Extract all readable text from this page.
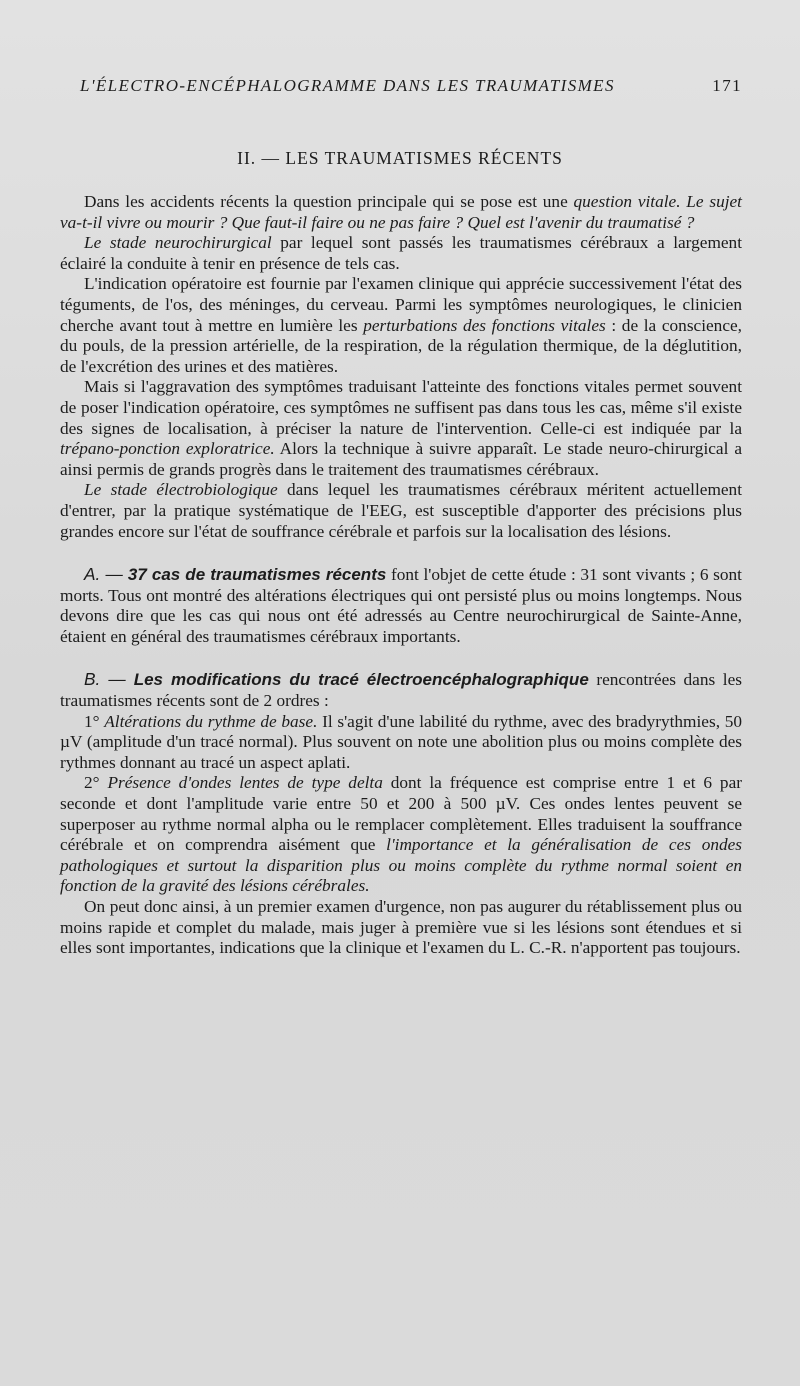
L'ÉLECTRO-ENCÉPHALOGRAMME DANS LES TRAUMATISMES	171
II. — LES TRAUMATISMES RÉCENTS

Dans les accidents récents la question principale qui se pose est une question vitale. Le sujet va-t-il vivre ou mourir ? Que faut-il faire ou ne pas faire ? Quel est l'avenir du traumatisé ?

Le stade neurochirurgical par lequel sont passés les traumatismes cérébraux a largement éclairé la conduite à tenir en présence de tels cas.

L'indication opératoire est fournie par l'examen clinique qui apprécie successivement l'état des téguments, de l'os, des méninges, du cerveau. Parmi les symptômes neurologiques, le clinicien cherche avant tout à mettre en lumière les perturbations des fonctions vitales : de la conscience, du pouls, de la pression artérielle, de la respiration, de la régulation thermique, de la déglutition, de l'excrétion des urines et des matières.

Mais si l'aggravation des symptômes traduisant l'atteinte des fonctions vitales permet souvent de poser l'indication opératoire, ces symptômes ne suffisent pas dans tous les cas, même s'il existe des signes de localisation, à préciser la nature de l'intervention. Celle-ci est indiquée par la trépano-ponction exploratrice. Alors la technique à suivre apparaît. Le stade neuro-chirurgical a ainsi permis de grands progrès dans le traitement des traumatismes cérébraux.

Le stade électrobiologique dans lequel les traumatismes cérébraux méritent actuellement d'entrer, par la pratique systématique de l'EEG, est susceptible d'apporter des précisions plus grandes encore sur l'état de souffrance cérébrale et parfois sur la localisation des lésions.

A. — 37 cas de traumatismes récents font l'objet de cette étude : 31 sont vivants ; 6 sont morts. Tous ont montré des altérations électriques qui ont persisté plus ou moins longtemps. Nous devons dire que les cas qui nous ont été adressés au Centre neurochirurgical de Sainte-Anne, étaient en général des traumatismes cérébraux importants.

B. — Les modifications du tracé électroencéphalographique rencontrées dans les traumatismes récents sont de 2 ordres :

1° Altérations du rythme de base. Il s'agit d'une labilité du rythme, avec des bradyrythmies, 50 µV (amplitude d'un tracé normal). Plus souvent on note une abolition plus ou moins complète des rythmes donnant au tracé un aspect aplati.

2° Présence d'ondes lentes de type delta dont la fréquence est comprise entre 1 et 6 par seconde et dont l'amplitude varie entre 50 et 200 à 500 µV. Ces ondes lentes peuvent se superposer au rythme normal alpha ou le remplacer complètement. Elles traduisent la souffrance cérébrale et on comprendra aisément que l'importance et la généralisation de ces ondes pathologiques et surtout la disparition plus ou moins complète du rythme normal soient en fonction de la gravité des lésions cérébrales.

On peut donc ainsi, à un premier examen d'urgence, non pas augurer du rétablissement plus ou moins rapide et complet du malade, mais juger à première vue si les lésions sont étendues et si elles sont importantes, indications que la clinique et l'examen du L. C.-R. n'apportent pas toujours.
